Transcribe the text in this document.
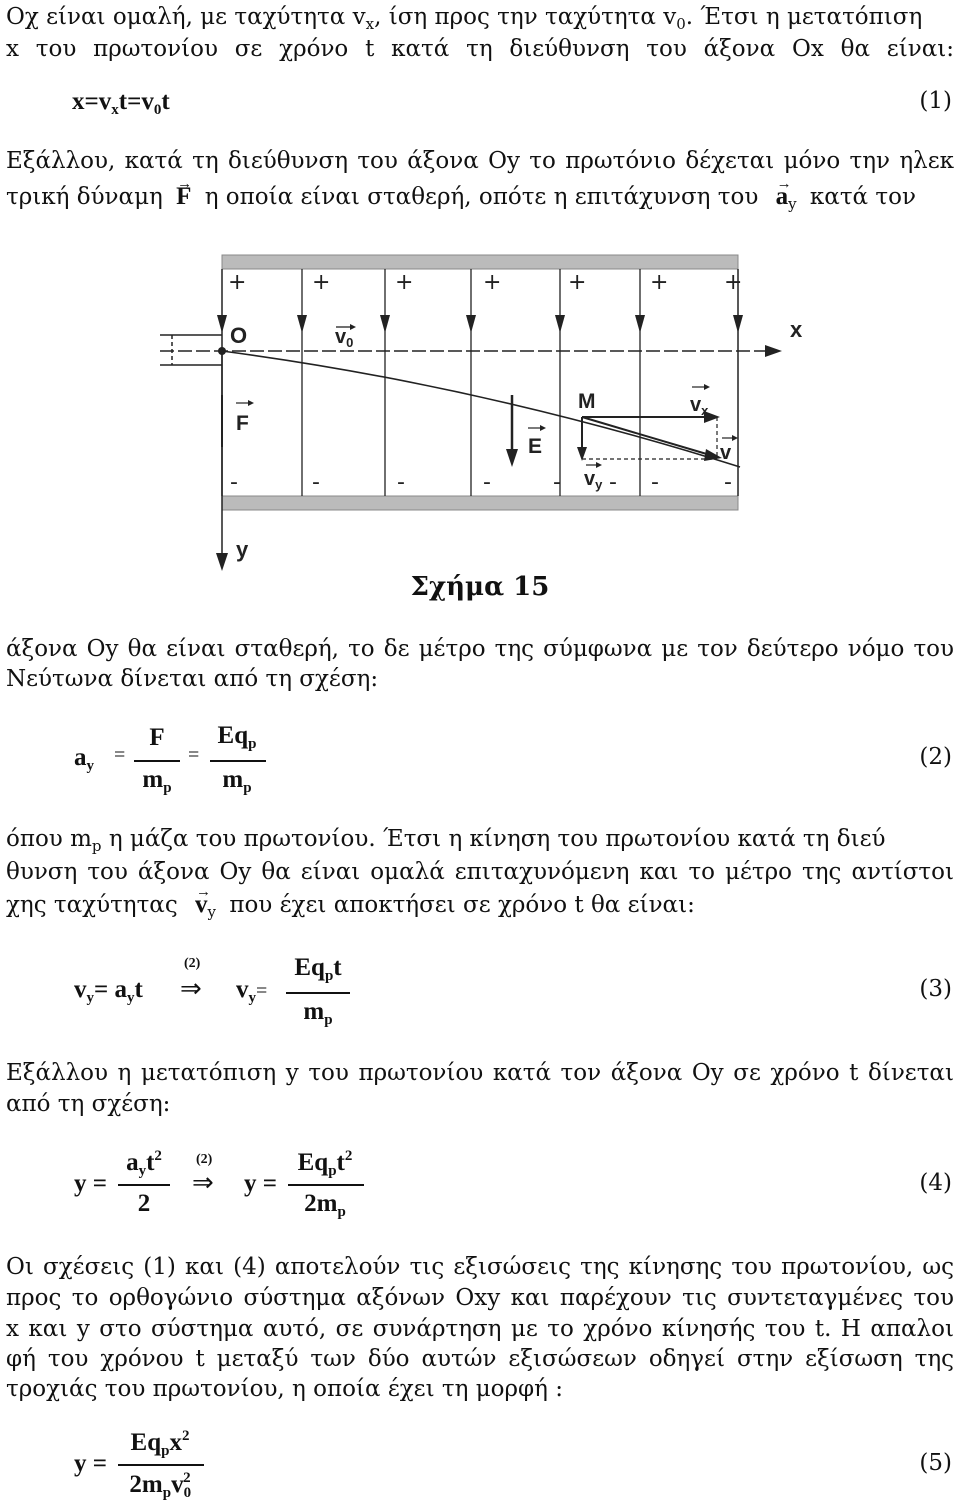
Οχ είναι ομαλή, με ταχύτητα $v_x$, ίση προς την ταχύτητα $v_0$. Έτσι η μετατόπιση
x του πρωτονίου σε χρόνο t κατά τη διεύθυνση του άξονα Ox θα είναι:
$x=v_xt=v_0t$	(1)
Εξάλλου, κατά τη διεύθυνση του άξονα Oy το πρωτόνιο δέχεται μόνο την ηλεκ
τρική δύναμη → F η οποία είναι σταθερή, οπότε η επιτάχυνση $\tau o\upsilon \to a_y$ κατά τον
+	+	+	+	+	+	+
-	-	-	-	- - -	-
x
y
O	$v_0$
F
E
M	$v_x$
v
$v_y$
Σχήμα 15
άξονα Oy θα είναι σταθερή, το δε μέτρο της σύμφωνα με τον δεύτερο νόμο του
Νεύτωνα δίνεται από τη σχέση:
$a_y$ =
F
$m_p$
=
$Eq_p$
$m_p$
(2)
όπου $m_p$ η μάζα του πρωτονίου. Έτσι η κίνηση του πρωτονίου κατά τη διεύ
θυνση του άξονα Oy θα είναι ομαλά επιταχυνόμενη και το μέτρο της αντίστοι
χης $\tau\alpha\chi ύ\tau\eta\tau\alpha\varsigma \to v_y$ που έχει αποκτήσει σε χρόνο t θα είναι:
$v_y= a_yt$
(2)
⇒ $v_y=$
$Eq_pt$
$m_p$
(3)
Εξάλλου η μετατόπιση y του πρωτονίου κατά τον άξονα Oy σε χρόνο t δίνεται
από τη σχέση:
y =
$a_yt^2$
2
(2)
⇒ y =
$Eq_pt^2$
$2m_p$
(4)
Οι σχέσεις (1) και (4) αποτελούν τις εξισώσεις της κίνησης του πρωτονίου, ως
προς το ορθογώνιο σύστημα αξόνων Oxy και παρέχουν τις συντεταγμένες του
x και y στο σύστημα αυτό, σε συνάρτηση με το χρόνο κίνησής του t. Η απαλοι
φή του χρόνου t μεταξύ των δύο αυτών εξισώσεων οδηγεί στην εξίσωση της
τροχιάς του πρωτονίου, η οποία έχει τη μορφή :
y =
$Eq_px^2$
$2m_pv_0^2$
(5)
